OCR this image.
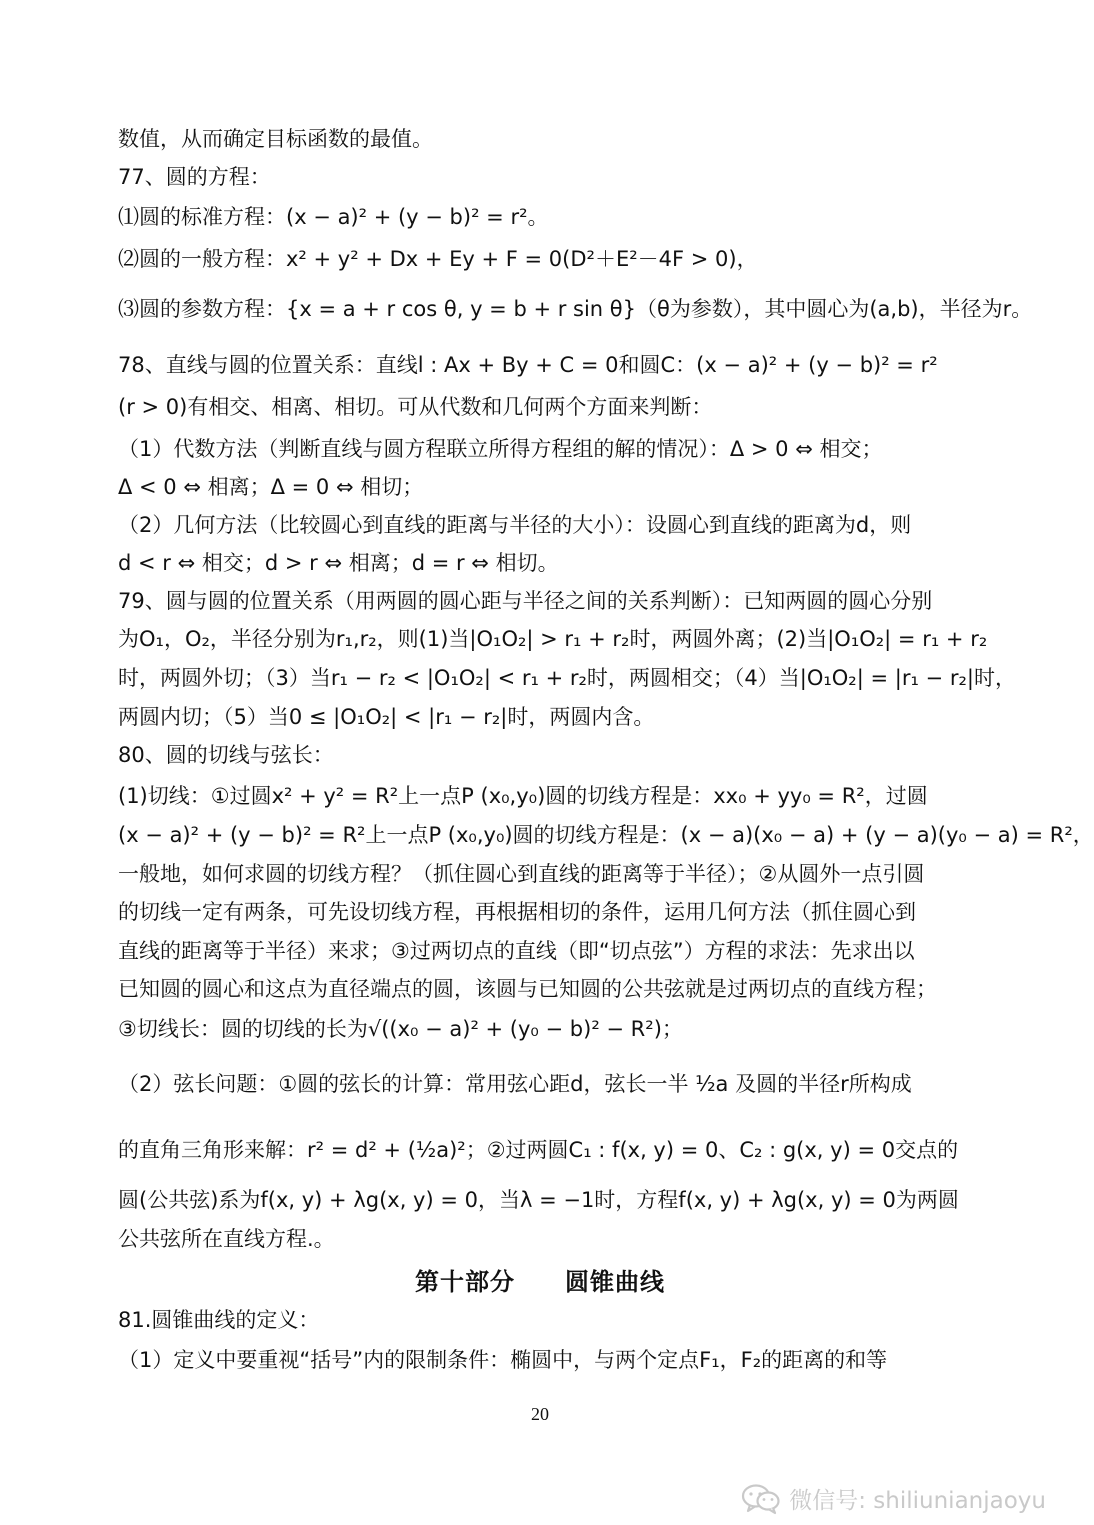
数值，从而确定目标函数的最值。
77、圆的方程：
⑴圆的标准方程：(x − a)² + (y − b)² = r²。
⑵圆的一般方程：x² + y² + Dx + Ey + F = 0(D²＋E²－4F > 0)，
⑶圆的参数方程：{x = a + r cos θ, y = b + r sin θ}（θ为参数），其中圆心为(a,b)，半径为r。
78、直线与圆的位置关系：直线l : Ax + By + C = 0和圆C：(x − a)² + (y − b)² = r²
(r > 0)有相交、相离、相切。可从代数和几何两个方面来判断：
（1）代数方法（判断直线与圆方程联立所得方程组的解的情况）：Δ > 0 ⇔ 相交；
Δ < 0 ⇔ 相离；Δ = 0 ⇔ 相切；
（2）几何方法（比较圆心到直线的距离与半径的大小）：设圆心到直线的距离为d，则
d < r ⇔ 相交；d > r ⇔ 相离；d = r ⇔ 相切。
79、圆与圆的位置关系（用两圆的圆心距与半径之间的关系判断）：已知两圆的圆心分别
为O₁，O₂，半径分别为r₁,r₂，则(1)当|O₁O₂| > r₁ + r₂时，两圆外离；(2)当|O₁O₂| = r₁ + r₂
时，两圆外切；（3）当r₁ − r₂ < |O₁O₂| < r₁ + r₂时，两圆相交；（4）当|O₁O₂| = |r₁ − r₂|时，
两圆内切；（5）当0 ≤ |O₁O₂| < |r₁ − r₂|时，两圆内含。
80、圆的切线与弦长：
(1)切线：①过圆x² + y² = R²上一点P (x₀,y₀)圆的切线方程是：xx₀ + yy₀ = R²，过圆
(x − a)² + (y − b)² = R²上一点P (x₀,y₀)圆的切线方程是：(x − a)(x₀ − a) + (y − a)(y₀ − a) = R²，
一般地，如何求圆的切线方程？（抓住圆心到直线的距离等于半径）；②从圆外一点引圆
的切线一定有两条，可先设切线方程，再根据相切的条件，运用几何方法（抓住圆心到
直线的距离等于半径）来求；③过两切点的直线（即“切点弦”）方程的求法：先求出以
已知圆的圆心和这点为直径端点的圆，该圆与已知圆的公共弦就是过两切点的直线方程；
③切线长：圆的切线的长为√((x₀ − a)² + (y₀ − b)² − R²)；
（2）弦长问题：①圆的弦长的计算：常用弦心距d，弦长一半 ½a 及圆的半径r所构成
的直角三角形来解：r² = d² + (½a)²；②过两圆C₁ : f(x, y) = 0、C₂ : g(x, y) = 0交点的
圆(公共弦)系为f(x, y) + λg(x, y) = 0，当λ = −1时，方程f(x, y) + λg(x, y) = 0为两圆
公共弦所在直线方程.。
第十部分　　圆锥曲线
81.圆锥曲线的定义：
（1）定义中要重视“括号”内的限制条件：椭圆中，与两个定点F₁，F₂的距离的和等
20
微信号: shiliunianjaoyu
